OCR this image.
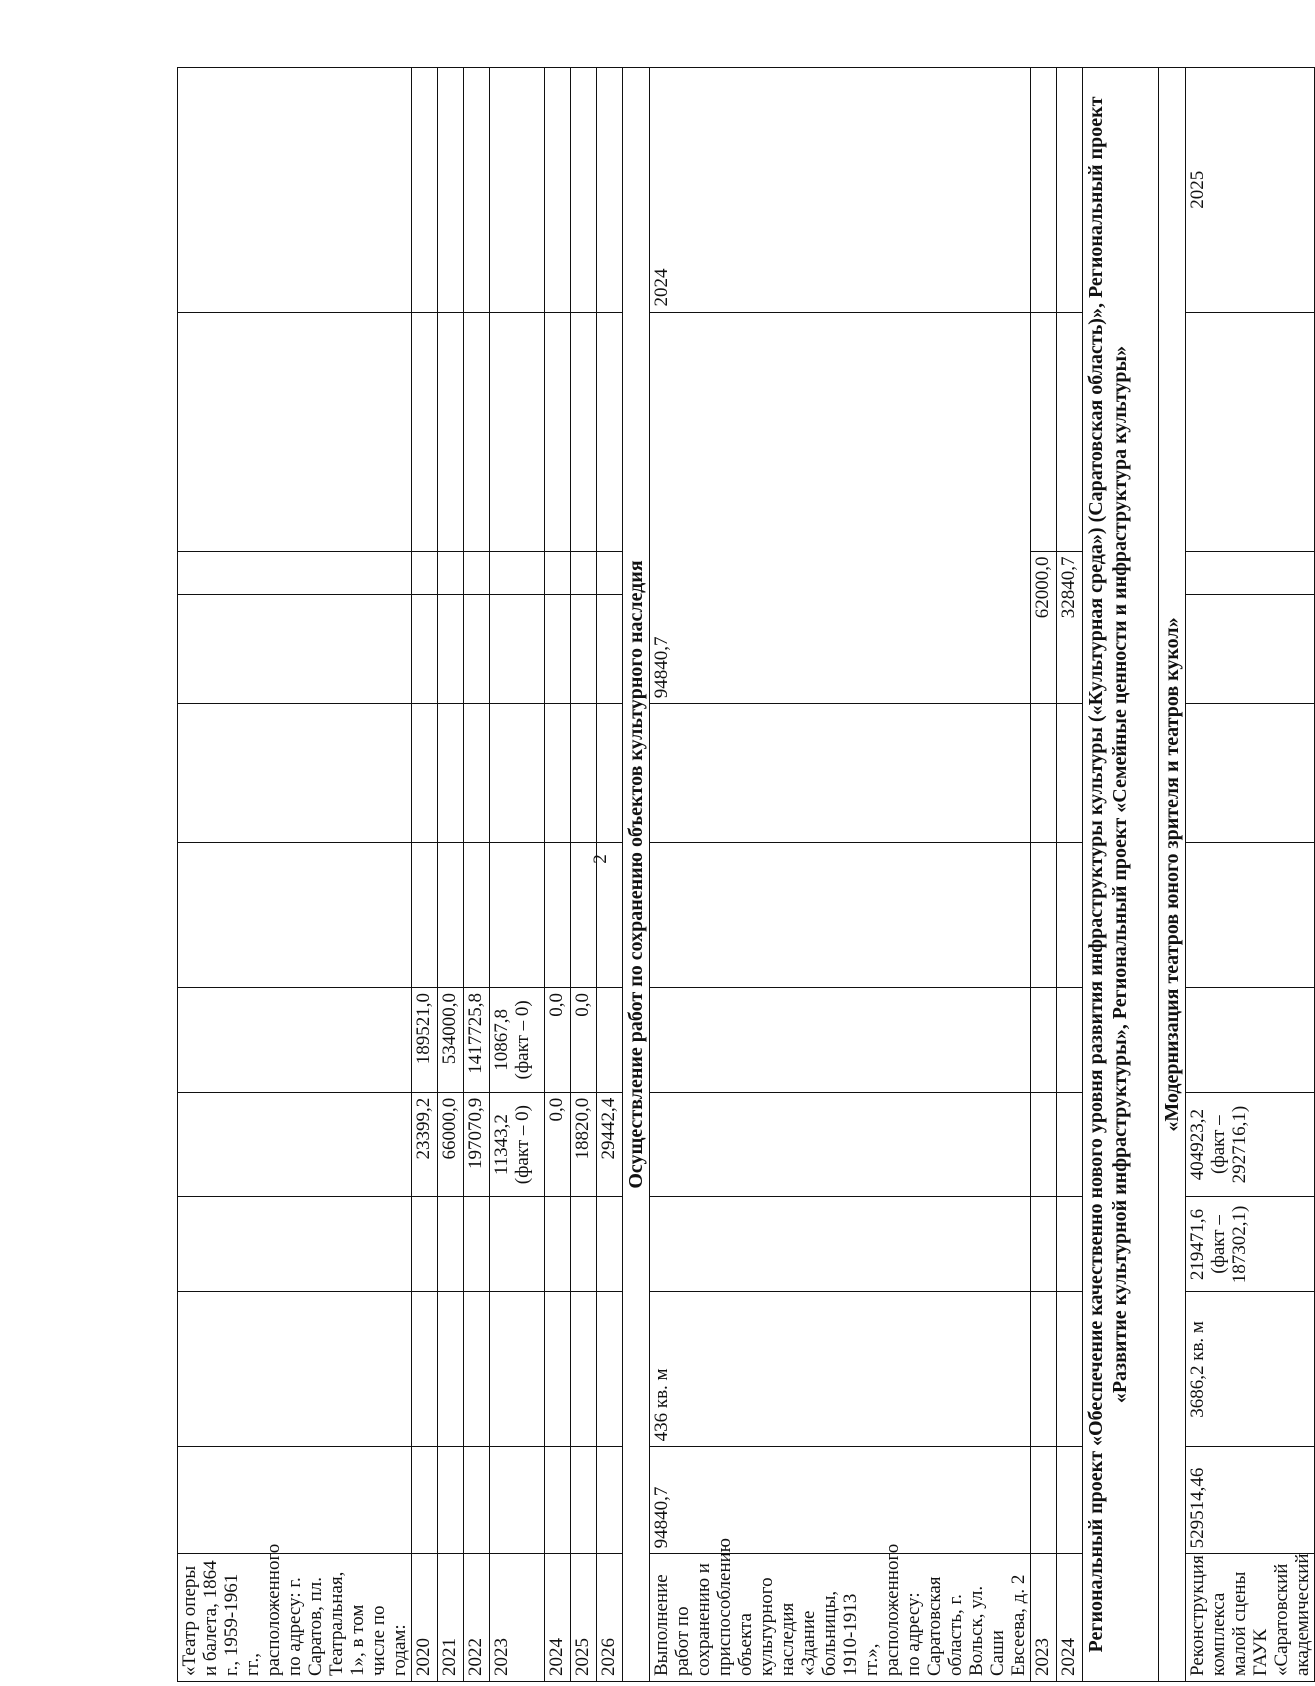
2
«Театр оперы и балета, 1864 г., 1959-1961 гг., расположенного по адресу: г. Саратов, пл. Театральная, 1», в том числе по годам:											
2020				23399,2	189521,0						
2021				66000,0	534000,0						
2022				197070,9	1417725,8						
2023				11343,2 (факт – 0)	10867,8 (факт – 0)						
2024				0,0	0,0						
2025				18820,0	0,0						
2026				29442,4							
Осуществление работ по сохранению объектов культурного наследия											
Выполнение работ по сохранению и приспособлению объекта культурного наследия «Здание больницы, 1910-1913 гг.», расположенного по адресу: Саратовская область, г. Вольск, ул. Саши Евсеева, д. 2	94840,7	436 кв. м						94840,7			2024
2023								62000,0			
2024								32840,7			
Региональный проект «Обеспечение качественно нового уровня развития инфраструктуры культуры («Культурная среда») (Саратовская область)», Региональный проект «Развитие культурной инфраструктуры», Региональный проект «Семейные ценности и инфраструктура культуры»											
«Модернизация театров юного зрителя и театров кукол»											
Реконструкция комплекса малой сцены ГАУК «Саратовский академический	529514,46	3686,2 кв. м	219471,6 (факт – 187302,1)	404923,2 (факт – 292716,1)							2025
